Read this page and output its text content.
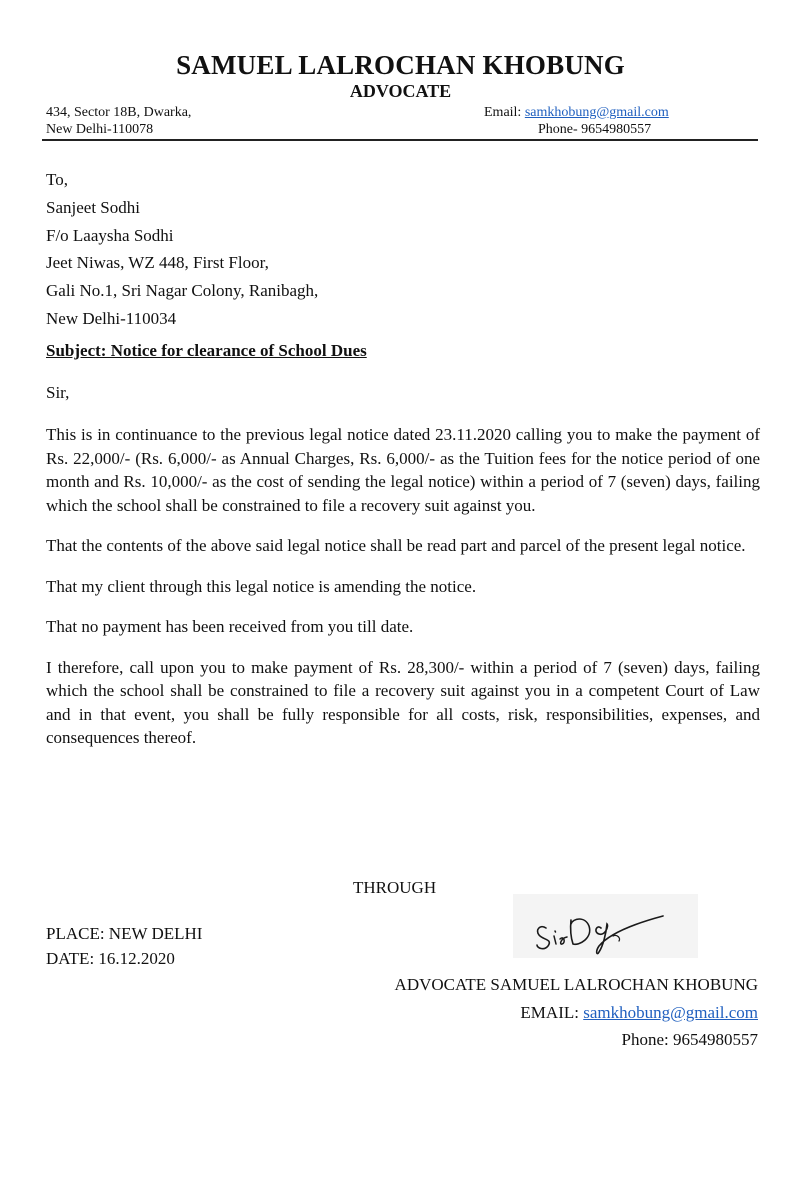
SAMUEL LALROCHAN KHOBUNG
ADVOCATE
434, Sector 18B, Dwarka,
New Delhi-110078
Email: samkhobung@gmail.com
Phone- 9654980557
To,
Sanjeet Sodhi
F/o Laaysha Sodhi
Jeet Niwas, WZ 448, First Floor,
Gali No.1, Sri Nagar Colony, Ranibagh,
New Delhi-110034
Subject: Notice for clearance of School Dues
Sir,

This is in continuance to the previous legal notice dated 23.11.2020 calling you to make the payment of Rs. 22,000/- (Rs. 6,000/- as Annual Charges, Rs. 6,000/- as the Tuition fees for the notice period of one month and Rs. 10,000/- as the cost of sending the legal notice) within a period of 7 (seven) days, failing which the school shall be constrained to file a recovery suit against you.

That the contents of the above said legal notice shall be read part and parcel of the present legal notice.

That my client through this legal notice is amending the notice.

That no payment has been received from you till date.

I therefore, call upon you to make payment of Rs. 28,300/- within a period of 7 (seven) days, failing which the school shall be constrained to file a recovery suit against you in a competent Court of Law and in that event, you shall be fully responsible for all costs, risk, responsibilities, expenses, and consequences thereof.

THROUGH
PLACE: NEW DELHI
DATE: 16.12.2020
ADVOCATE SAMUEL LALROCHAN KHOBUNG
EMAIL: samkhobung@gmail.com
Phone: 9654980557
